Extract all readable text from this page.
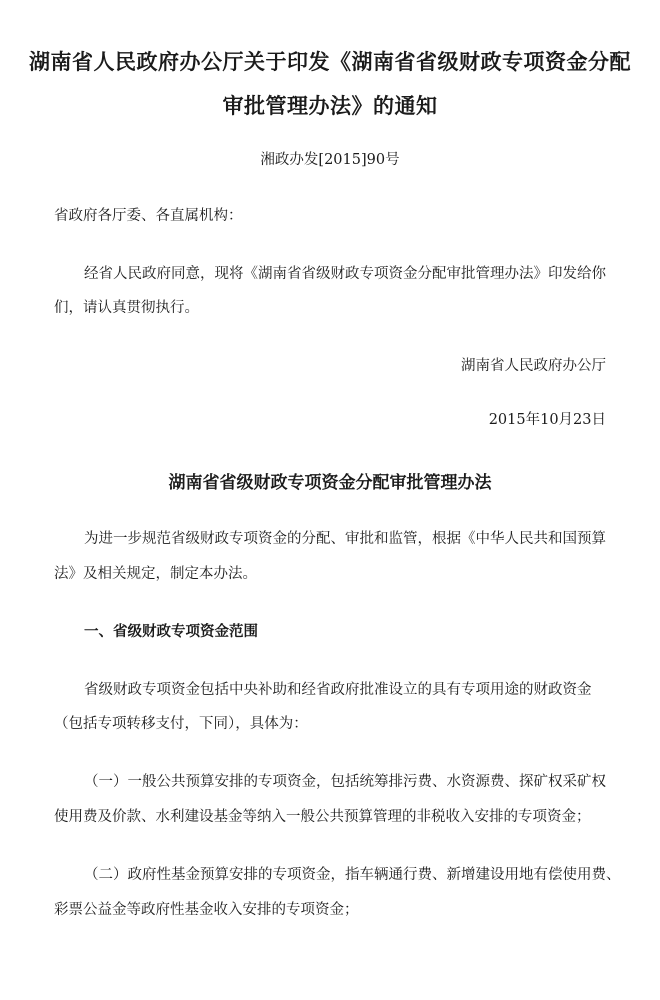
湖南省人民政府办公厅关于印发《湖南省省级财政专项资金分配

审批管理办法》的通知

湘政办发[2015]90号

省政府各厅委、各直属机构：

经省人民政府同意，现将《湖南省省级财政专项资金分配审批管理办法》印发给你

们，请认真贯彻执行。

湖南省人民政府办公厅

2015年10月23日

湖南省省级财政专项资金分配审批管理办法

为进一步规范省级财政专项资金的分配、审批和监管，根据《中华人民共和国预算

法》及相关规定，制定本办法。

一、省级财政专项资金范围

省级财政专项资金包括中央补助和经省政府批准设立的具有专项用途的财政资金

（包括专项转移支付，下同），具体为：

（一）一般公共预算安排的专项资金，包括统筹排污费、水资源费、探矿权采矿权

使用费及价款、水利建设基金等纳入一般公共预算管理的非税收入安排的专项资金；

（二）政府性基金预算安排的专项资金，指车辆通行费、新增建设用地有偿使用费、

彩票公益金等政府性基金收入安排的专项资金；
